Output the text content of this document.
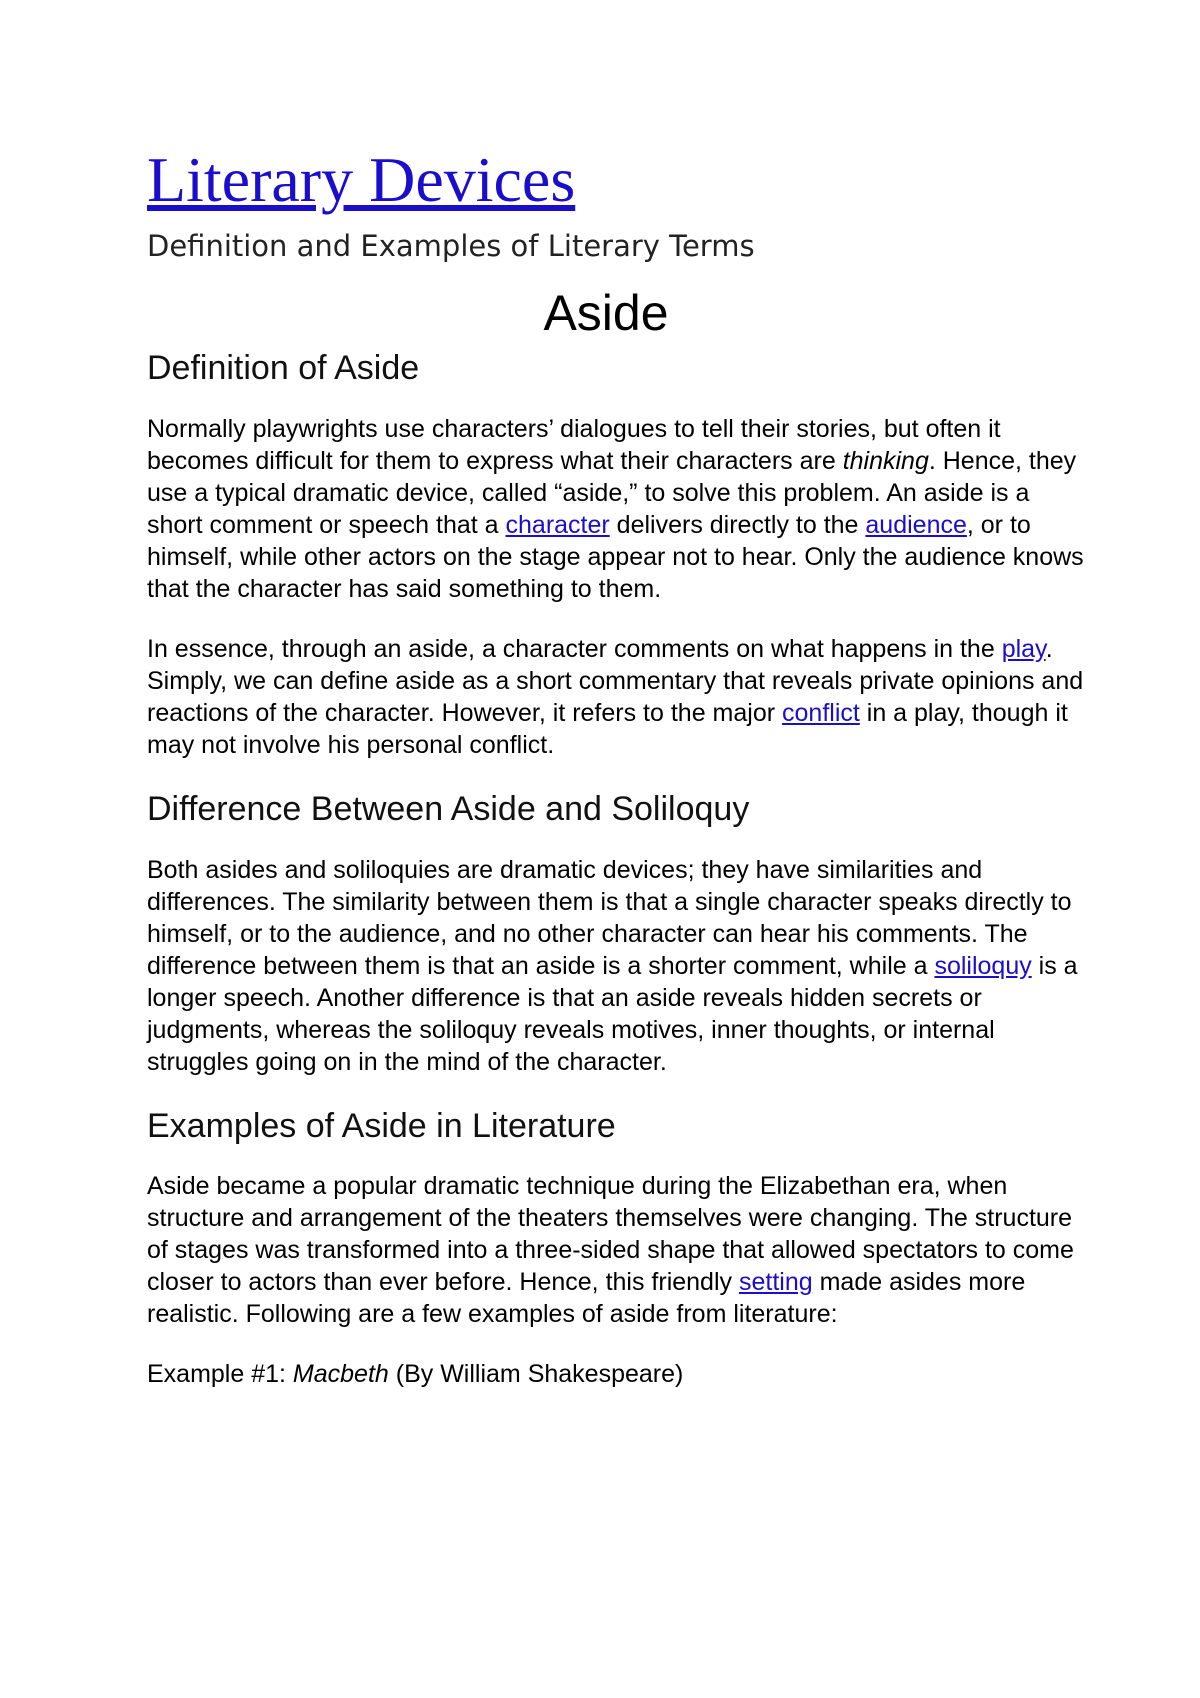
Literary Devices

Definition and Examples of Literary Terms

Aside
Definition of Aside

Normally playwrights use characters’ dialogues to tell their stories, but often it becomes difficult for them to express what their characters are thinking. Hence, they use a typical dramatic device, called “aside,” to solve this problem. An aside is a short comment or speech that a character delivers directly to the audience, or to himself, while other actors on the stage appear not to hear. Only the audience knows that the character has said something to them.

In essence, through an aside, a character comments on what happens in the play. Simply, we can define aside as a short commentary that reveals private opinions and reactions of the character. However, it refers to the major conflict in a play, though it may not involve his personal conflict.

Difference Between Aside and Soliloquy

Both asides and soliloquies are dramatic devices; they have similarities and differences. The similarity between them is that a single character speaks directly to himself, or to the audience, and no other character can hear his comments. The difference between them is that an aside is a shorter comment, while a soliloquy is a longer speech. Another difference is that an aside reveals hidden secrets or judgments, whereas the soliloquy reveals motives, inner thoughts, or internal struggles going on in the mind of the character.

Examples of Aside in Literature

Aside became a popular dramatic technique during the Elizabethan era, when structure and arrangement of the theaters themselves were changing. The structure of stages was transformed into a three-sided shape that allowed spectators to come closer to actors than ever before. Hence, this friendly setting made asides more realistic. Following are a few examples of aside from literature:

Example #1: Macbeth (By William Shakespeare)
